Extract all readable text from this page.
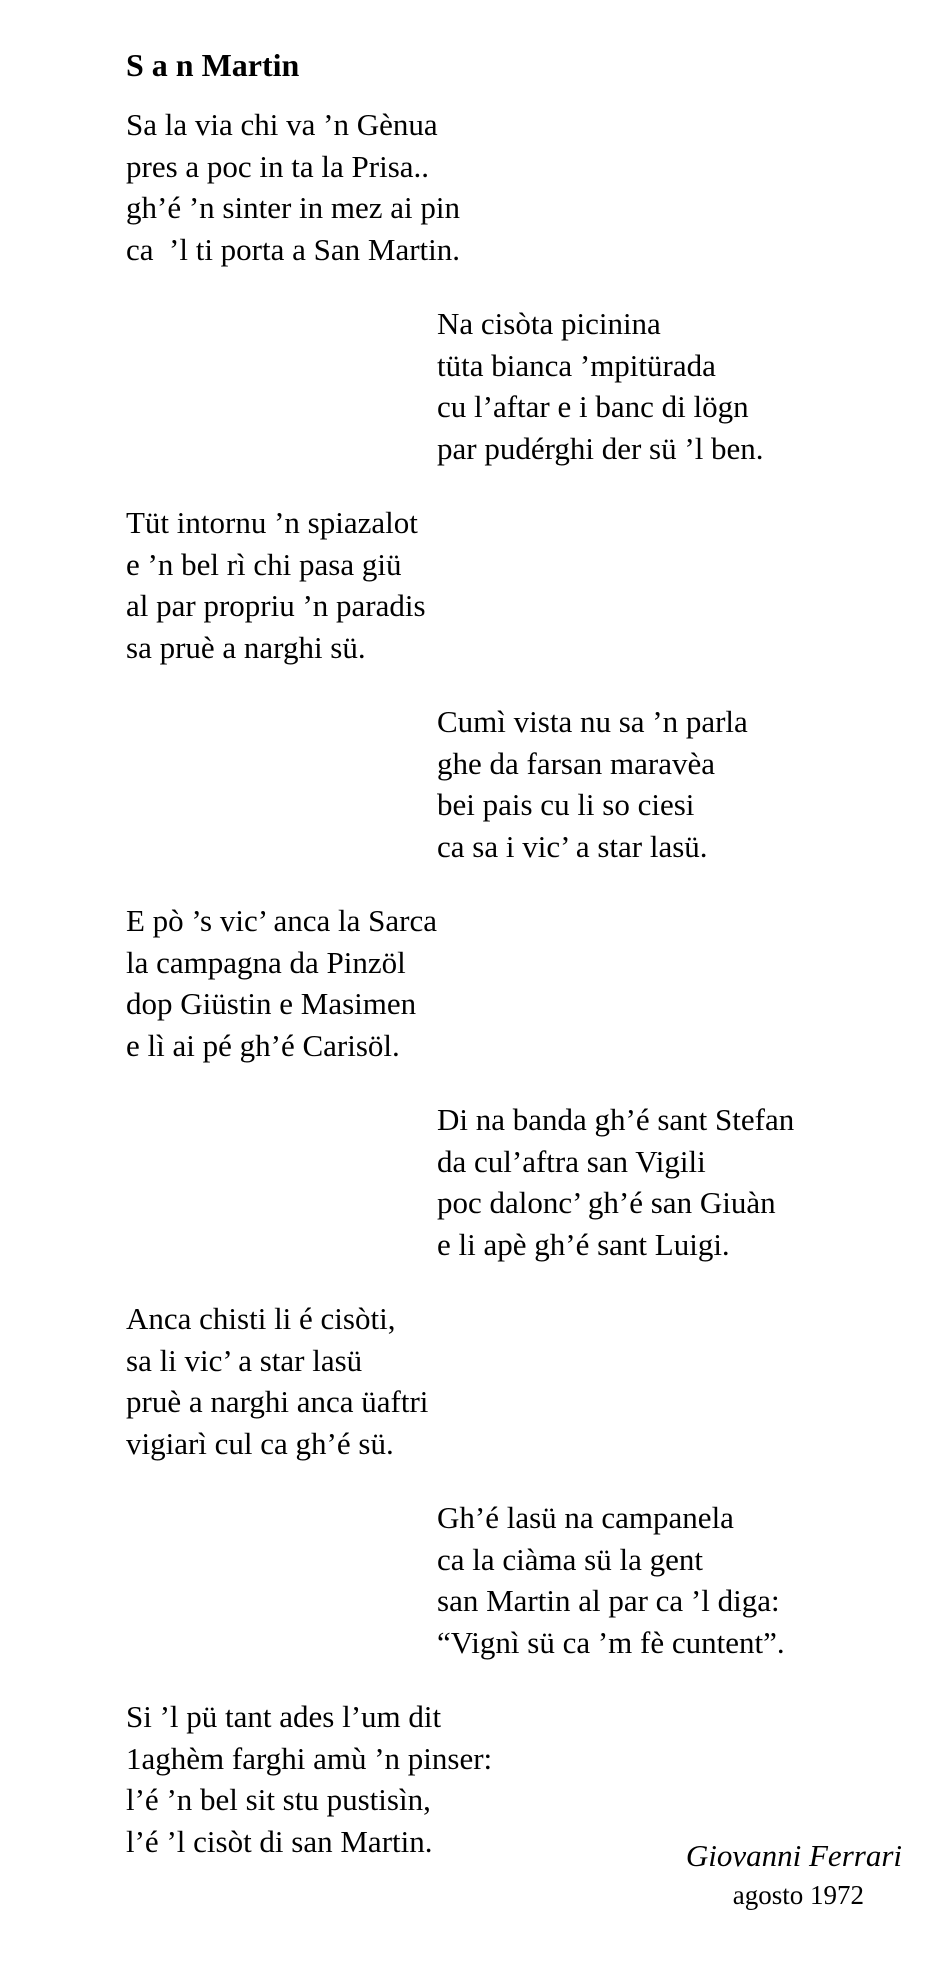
S a n Martin
Sa la via chi va ’n Gènua
pres a poc in ta la Prisa..
gh’é ’n sinter in mez ai pin
ca  ’l ti porta a San Martin.
Na cisòta picinina
tüta bianca ’mpitürada
cu l’aftar e i banc di lögn
par pudérghi der sü ’l ben.
Tüt intornu ’n spiazalot
e ’n bel rì chi pasa giü
al par propriu ’n paradis
sa pruè a narghi sü.
Cumì vista nu sa ’n parla
ghe da farsan maravèa
bei pais cu li so ciesi
ca sa i vic’ a star lasü.
E pò ’s vic’ anca la Sarca
la campagna da Pinzöl
dop Giüstin e Masimen
e lì ai pé gh’é Carisöl.
Di na banda gh’é sant Stefan
da cul’aftra san Vigili
poc dalonc’ gh’é san Giuàn
e li apè gh’é sant Luigi.
Anca chisti li é cisòti,
sa li vic’ a star lasü
pruè a narghi anca üaftri
vigiarì cul ca gh’é sü.
Gh’é lasü na campanela
ca la ciàma sü la gent
san Martin al par ca ’l diga:
“Vignì sü ca ’m fè cuntent”.
Si ’l pü tant ades l’um dit
1aghèm farghi amù ’n pinser:
l’é ’n bel sit stu pustisìn,
l’é ’l cisòt di san Martin.	Giovanni Ferrari
agosto 1972
